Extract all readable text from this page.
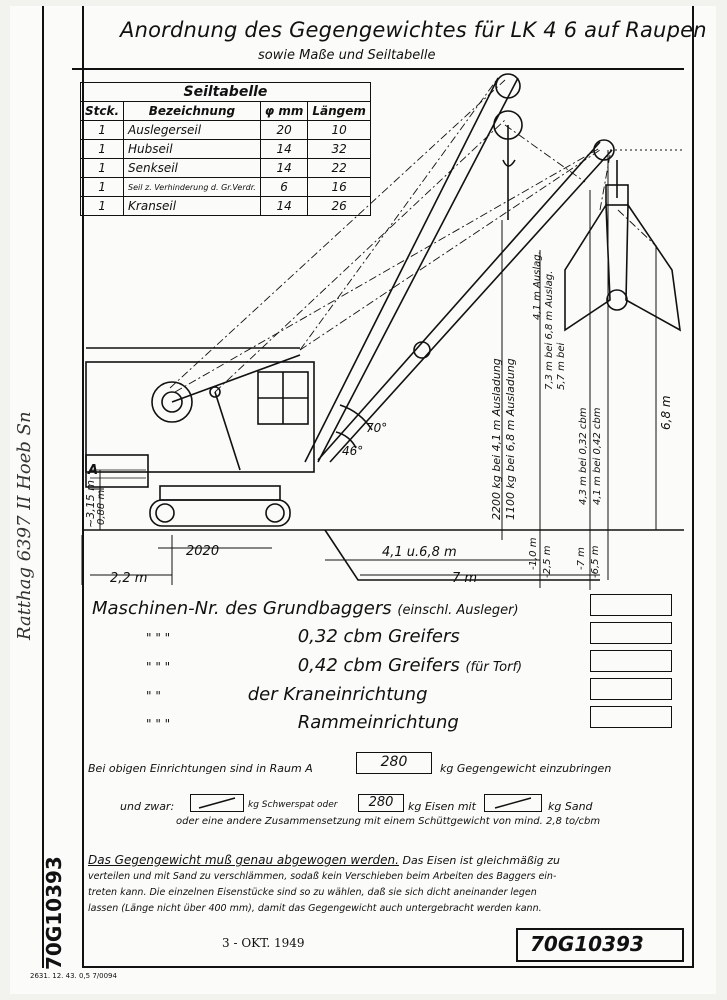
Anordnung des Gegengewichtes für LK 4 6 auf Raupen
sowie Maße und Seiltabelle
Seiltabelle			
Stck.	Bezeichnung	φ mm	Längem
1	Auslegerseil	20	10
1	Hubseil	14	32
1	Senkseil	14	22
1	Seil z. Verhinderung d. Gr.Verdr.	6	16
1	Kranseil	14	26
70°
46°
A
2020
2,2 m
4,1 u.6,8 m
7 m
~3,15 m 0,88 m
6,8 m
2200 kg bei 4,1 m Ausladung 1100 kg bei 6,8 m Ausladung
4,1 m Auslag. 7,3 m bei 6,8 m Auslag. 5,7 m bei
4,3 m bei 0,32 cbm 4,1 m bei 0,42 cbm
-1,0 m -2,5 m -7 m -6,5 m
Maschinen-Nr. des Grundbaggers (einschl. Ausleger)
" " "	0,32 cbm Greifers
" " "	0,42 cbm Greifers (für Torf)
" "	der Kraneinrichtung
" " "	Rammeinrichtung
Bei obigen Einrichtungen sind in Raum A	280	kg Gegengewicht einzubringen
und zwar:	kg Schwerspat oder	280	kg Eisen mit	kg Sand
oder eine andere Zusammensetzung mit einem Schüttgewicht von mind. 2,8 to/cbm
Das Gegengewicht muß genau abgewogen werden. Das Eisen ist gleichmäßig zu
verteilen und mit Sand zu verschlämmen, sodaß kein Verschieben beim Arbeiten des Baggers ein-
treten kann. Die einzelnen Eisenstücke sind so zu wählen, daß sie sich dicht aneinander legen
lassen (Länge nicht über 400 mm), damit das Gegengewicht auch untergebracht werden kann.
3 - OKT. 1949	70G10393
70G10393
Ratthag 6397 II Hoeb Sn
2631. 12. 43. 0,5 7/0094
